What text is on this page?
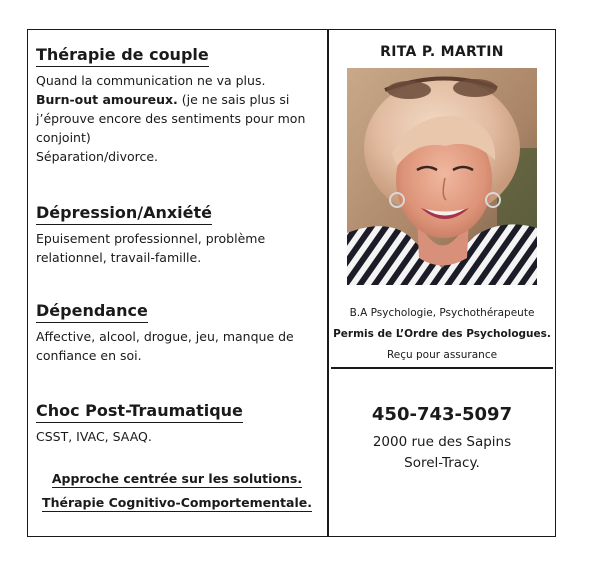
Thérapie de couple

Quand la communication ne va plus.
Burn-out amoureux. (je ne sais plus si j’éprouve encore des sentiments pour mon conjoint)
Séparation/divorce.

Dépression/Anxiété

Epuisement professionnel, problème relationnel, travail-famille.

Dépendance

Affective, alcool, drogue, jeu, manque de confiance en soi.

Choc Post-Traumatique

CSST, IVAC, SAAQ.

Approche centrée sur les solutions.
Thérapie Cognitivo-Comportementale.
RITA P. MARTIN
B.A Psychologie, Psychothérapeute
Permis de L’Ordre des Psychologues.
Reçu pour assurance
450-743-5097
2000 rue des Sapins
Sorel-Tracy.
